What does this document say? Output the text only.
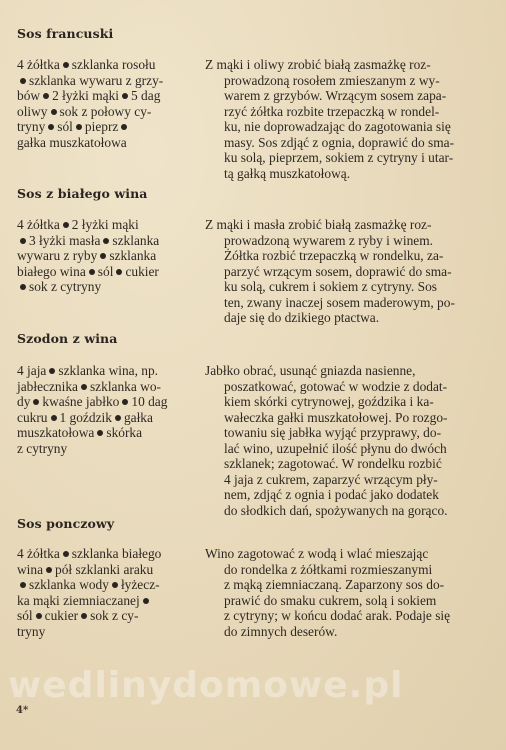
Sos francuski
4 żółtka szklanka rosołu
szklanka wywaru z grzy-
bów 2 łyżki mąki 5 dag
oliwy sok z połowy cy-
tryny sól pieprz
gałka muszkatołowa
Z mąki i oliwy zrobić białą zasmażkę roz-
prowadzoną rosołem zmieszanym z wy-
warem z grzybów. Wrzącym sosem zapa-
rzyć żółtka rozbite trzepaczką w rondel-
ku, nie doprowadzając do zagotowania się
masy. Sos zdjąć z ognia, doprawić do sma-
ku solą, pieprzem, sokiem z cytryny i utar-
tą gałką muszkatołową.
Sos z białego wina
4 żółtka 2 łyżki mąki
3 łyżki masła szklanka
wywaru z ryby szklanka
białego wina sól cukier
sok z cytryny
Z mąki i masła zrobić białą zasmażkę roz-
prowadzoną wywarem z ryby i winem.
Żółtka rozbić trzepaczką w rondelku, za-
parzyć wrzącym sosem, doprawić do sma-
ku solą, cukrem i sokiem z cytryny. Sos
ten, zwany inaczej sosem maderowym, po-
daje się do dzikiego ptactwa.
Szodon z wina
4 jaja szklanka wina, np.
jabłecznika szklanka wo-
dy kwaśne jabłko 10 dag
cukru 1 goździk gałka
muszkatołowa skórka
z cytryny
Jabłko obrać, usunąć gniazda nasienne,
poszatkować, gotować w wodzie z dodat-
kiem skórki cytrynowej, goździka i ka-
wałeczka gałki muszkatołowej. Po rozgo-
towaniu się jabłka wyjąć przyprawy, do-
lać wino, uzupełnić ilość płynu do dwóch
szklanek; zagotować. W rondelku rozbić
4 jaja z cukrem, zaparzyć wrzącym pły-
nem, zdjąć z ognia i podać jako dodatek
do słodkich dań, spożywanych na gorąco.
Sos ponczowy
4 żółtka szklanka białego
wina pół szklanki araku
szklanka wody łyżecz-
ka mąki ziemniaczanej
sól cukier sok z cy-
tryny
Wino zagotować z wodą i wlać mieszając
do rondelka z żółtkami rozmieszanymi
z mąką ziemniaczaną. Zaparzony sos do-
prawić do smaku cukrem, solą i sokiem
z cytryny; w końcu dodać arak. Podaje się
do zimnych deserów.
wedlinydomowe.pl
4*
